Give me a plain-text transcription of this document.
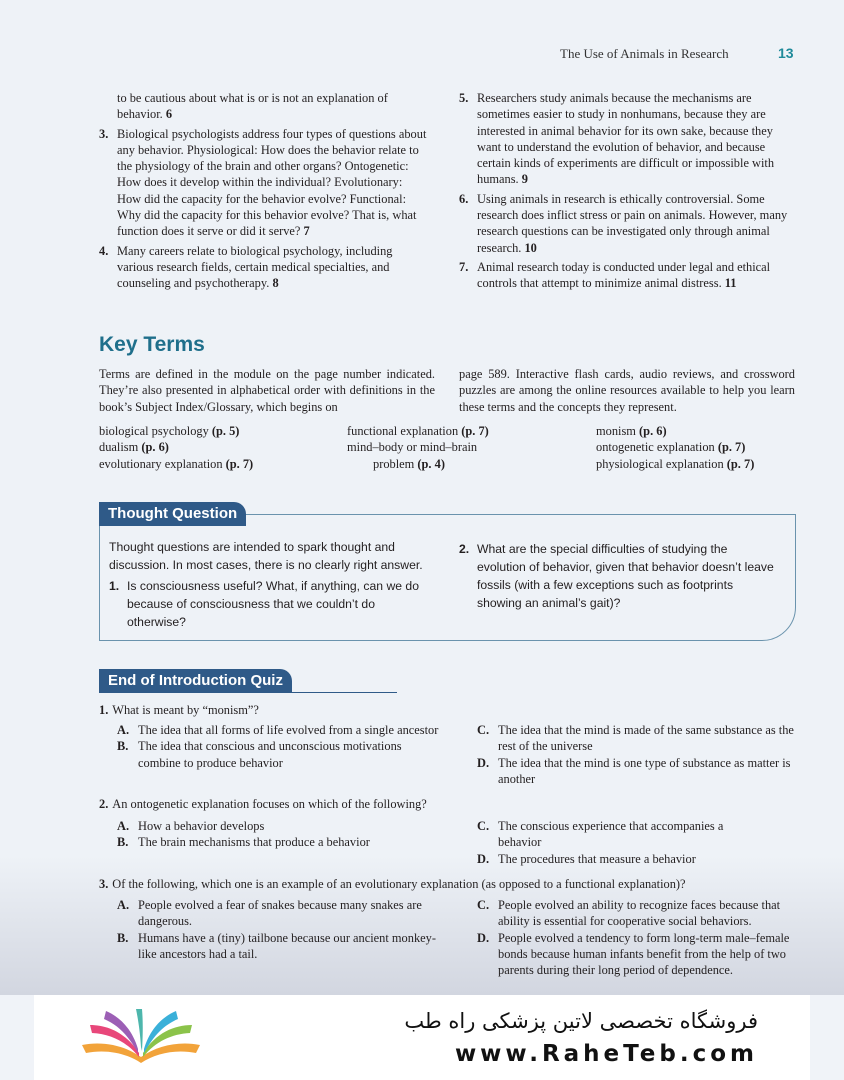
The Use of Animals in Research	13
to be cautious about what is or is not an explanation of behavior. 6
3. Biological psychologists address four types of questions about any behavior. Physiological: How does the behavior relate to the physiology of the brain and other organs? Ontogenetic: How does it develop within the individual? Evolutionary: How did the capacity for the behavior evolve? Functional: Why did the capacity for this behavior evolve? That is, what function does it serve or did it serve? 7
4. Many careers relate to biological psychology, including various research fields, certain medical specialties, and counseling and psychotherapy. 8
5. Researchers study animals because the mechanisms are sometimes easier to study in nonhumans, because they are interested in animal behavior for its own sake, because they want to understand the evolution of behavior, and because certain kinds of experiments are difficult or impossible with humans. 9
6. Using animals in research is ethically controversial. Some research does inflict stress or pain on animals. However, many research questions can be investigated only through animal research. 10
7. Animal research today is conducted under legal and ethical controls that attempt to minimize animal distress. 11
Key Terms
Terms are defined in the module on the page number indicated. They’re also presented in alphabetical order with definitions in the book’s Subject Index/Glossary, which begins on
page 589. Interactive flash cards, audio reviews, and crossword puzzles are among the online resources available to help you learn these terms and the concepts they represent.
biological psychology (p. 5)
dualism (p. 6)
evolutionary explanation (p. 7)
functional explanation (p. 7)
mind–body or mind–brain
problem (p. 4)
monism (p. 6)
ontogenetic explanation (p. 7)
physiological explanation (p. 7)
Thought Question
Thought questions are intended to spark thought and discussion. In most cases, there is no clearly right answer.
1. Is consciousness useful? What, if anything, can we do because of consciousness that we couldn’t do otherwise?
2. What are the special difficulties of studying the evolution of behavior, given that behavior doesn’t leave fossils (with a few exceptions such as footprints showing an animal’s gait)?
End of Introduction Quiz
1. What is meant by “monism”?
A. The idea that all forms of life evolved from a single ancestor
B. The idea that conscious and unconscious motivations combine to produce behavior
C. The idea that the mind is made of the same substance as the rest of the universe
D. The idea that the mind is one type of substance as matter is another
2. An ontogenetic explanation focuses on which of the following?
A. How a behavior develops
B. The brain mechanisms that produce a behavior
C. The conscious experience that accompanies a behavior
D. The procedures that measure a behavior
3. Of the following, which one is an example of an evolutionary explanation (as opposed to a functional explanation)?
A. People evolved a fear of snakes because many snakes are dangerous.
B. Humans have a (tiny) tailbone because our ancient monkey-like ancestors had a tail.
C. People evolved an ability to recognize faces because that ability is essential for cooperative social behaviors.
D. People evolved a tendency to form long-term male–female bonds because human infants benefit from the help of two parents during their long period of dependence.
فروشگاه تخصصی لاتین پزشکی راه طب
www.RaheTeb.com
